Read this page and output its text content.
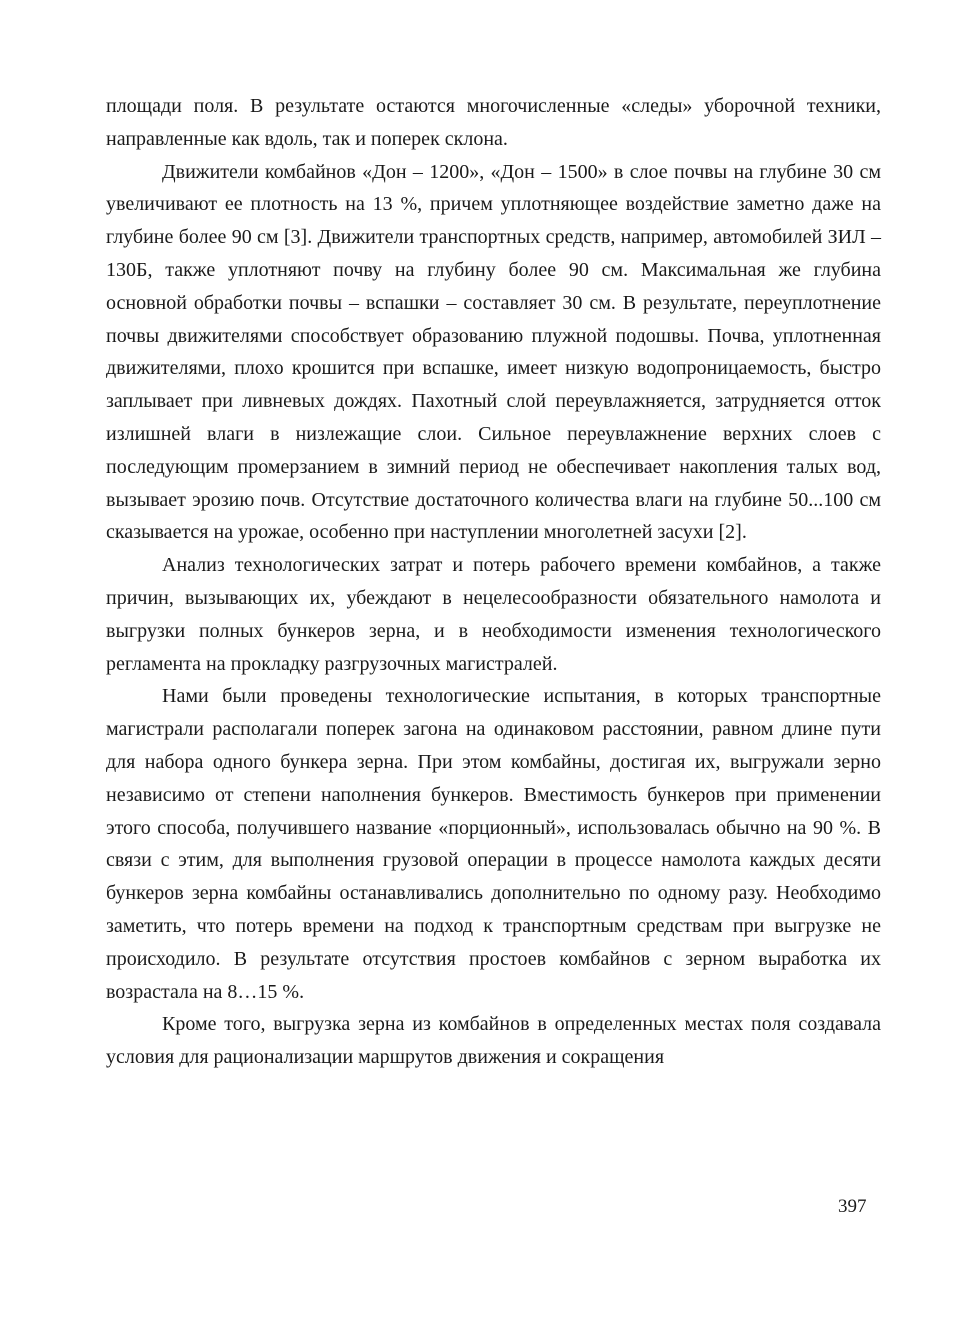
площади поля. В результате остаются многочисленные «следы» уборочной техники, направленные как вдоль, так и поперек склона.

Движители комбайнов «Дон – 1200», «Дон – 1500» в слое почвы на глубине 30 см увеличивают ее плотность на 13 %, причем уплотняющее воздействие заметно даже на глубине более 90 см [3]. Движители транспортных средств, например, автомобилей ЗИЛ – 130Б, также уплотняют почву на глубину более 90 см. Максимальная же глубина основной обработки почвы – вспашки – составляет 30 см. В результате, переуплотнение почвы движителями способствует образованию плужной подошвы. Почва, уплотненная движителями, плохо крошится при вспашке, имеет низкую водопроницаемость, быстро заплывает при ливневых дождях. Пахотный слой переувлажняется, затрудняется отток излишней влаги в низлежащие слои. Сильное переувлажнение верхних слоев с последующим промерзанием в зимний период не обеспечивает накопления талых вод, вызывает эрозию почв. Отсутствие достаточного количества влаги на глубине 50...100 см сказывается на урожае, особенно при наступлении многолетней засухи [2].

Анализ технологических затрат и потерь рабочего времени комбайнов, а также причин, вызывающих их, убеждают в нецелесообразности обязательного намолота и выгрузки полных бункеров зерна, и в необходимости изменения технологического регламента на прокладку разгрузочных магистралей.

Нами были проведены технологические испытания, в которых транспортные магистрали располагали поперек загона на одинаковом расстоянии, равном длине пути для набора одного бункера зерна. При этом комбайны, достигая их, выгружали зерно независимо от степени наполнения бункеров. Вместимость бункеров при применении этого способа, получившего название «порционный», использовалась обычно на 90 %. В связи с этим, для выполнения грузовой операции в процессе намолота каждых десяти бункеров зерна комбайны останавливались дополнительно по одному разу. Необходимо заметить, что потерь времени на подход к транспортным средствам при выгрузке не происходило. В результате отсутствия простоев комбайнов с зерном выработка их возрастала на 8…15 %.

Кроме того, выгрузка зерна из комбайнов в определенных местах поля создавала условия для рационализации маршрутов движения и сокращения

397
